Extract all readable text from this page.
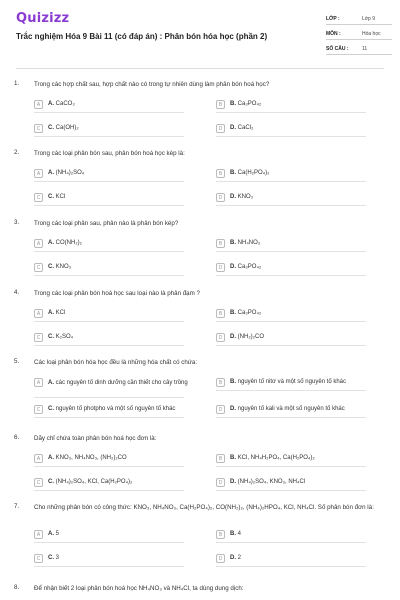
Quizizz
Trắc nghiệm Hóa 9 Bài 11 (có đáp án) : Phân bón hóa học (phần 2)
LỚP :	Lớp 9
MÔN :	Hóa học
SỐ CÂU :	11
1. Trong các hợp chất sau, hợp chất nào có trong tự nhiên dùng làm phân bón hoá học?
A	A. CaCO₃	B	B. Ca₃PO₄₂
C	C. Ca(OH)₂	D	D. CaCl₂
2. Trong các loại phân bón sau, phân bón hoá học kép là:
A	A. (NH₄)₂SO₄	B	B. Ca(H₂PO₄)₂
C	C. KCl	D	D. KNO₃
3. Trong các loại phân sau, phân nào là phân bón kép?
A	A. CO(NH₂)₂	B	B. NH₄NO₃
C	C. KNO₃	D	D. Ca₃PO₄₂
4. Trong các loại phân bón hoá học sau loại nào là phân đạm ?
A	A. KCl	B	B. Ca₃PO₄₂
C	C. K₂SO₄	D	D. (NH₂)₂CO
5. Các loại phân bón hóa học đều là những hóa chất có chứa:
A	A. các nguyên tố dinh dưỡng cần thiết cho cây trồng	B	B. nguyên tố nitơ và một số nguyên tố khác
C	C. nguyên tố photpho và một số nguyên tố khác	D	D. nguyên tố kali và một số nguyên tố khác
6. Dãy chỉ chứa toàn phân bón hoá học đơn là:
A	A. KNO₃, NH₄NO₃, (NH₂)₂CO	B	B. KCl, NH₄H₂PO₄, Ca(H₂PO₄)₂
C	C. (NH₄)₂SO₄, KCl, Ca(H₂PO₄)₂	D	D. (NH₄)₂SO₄, KNO₃, NH₄Cl
7. Cho những phân bón có công thức: KNO₃, NH₄NO₃, Ca(H₂PO₄)₂, CO(NH₂)₂, (NH₄)₂HPO₄, KCl, NH₄Cl. Số phân bón đơn là:
A	A. 5	B	B. 4
C	C. 3	D	D. 2
8. Để nhận biết 2 loại phân bón hoá học NH₄NO₃ và NH₄Cl, ta dùng dung dịch:
